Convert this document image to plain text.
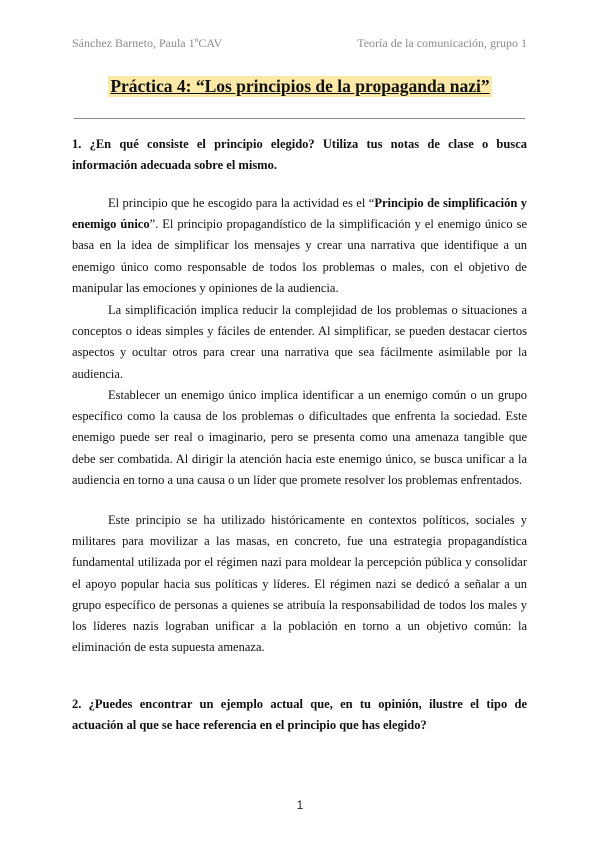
Sánchez Barneto, Paula 1ºCAV	Teoría de la comunicación, grupo 1
Práctica 4: “Los principios de la propaganda nazi”
1. ¿En qué consiste el principio elegido? Utiliza tus notas de clase o busca información adecuada sobre el mismo.

El principio que he escogido para la actividad es el “Principio de simplificación y enemigo único”. El principio propagandístico de la simplificación y el enemigo único se basa en la idea de simplificar los mensajes y crear una narrativa que identifique a un enemigo único como responsable de todos los problemas o males, con el objetivo de manipular las emociones y opiniones de la audiencia.

La simplificación implica reducir la complejidad de los problemas o situaciones a conceptos o ideas simples y fáciles de entender. Al simplificar, se pueden destacar ciertos aspectos y ocultar otros para crear una narrativa que sea fácilmente asimilable por la audiencia.

Establecer un enemigo único implica identificar a un enemigo común o un grupo específico como la causa de los problemas o dificultades que enfrenta la sociedad. Este enemigo puede ser real o imaginario, pero se presenta como una amenaza tangible que debe ser combatida. Al dirigir la atención hacia este enemigo único, se busca unificar a la audiencia en torno a una causa o un líder que promete resolver los problemas enfrentados.

Este principio se ha utilizado históricamente en contextos políticos, sociales y militares para movilizar a las masas, en concreto, fue una estrategia propagandística fundamental utilizada por el régimen nazi para moldear la percepción pública y consolidar el apoyo popular hacia sus políticas y líderes. El régimen nazi se dedicó a señalar a un grupo específico de personas a quienes se atribuía la responsabilidad de todos los males y los líderes nazis lograban unificar a la población en torno a un objetivo común: la eliminación de esta supuesta amenaza.

2. ¿Puedes encontrar un ejemplo actual que, en tu opinión, ilustre el tipo de actuación al que se hace referencia en el principio que has elegido?
1
